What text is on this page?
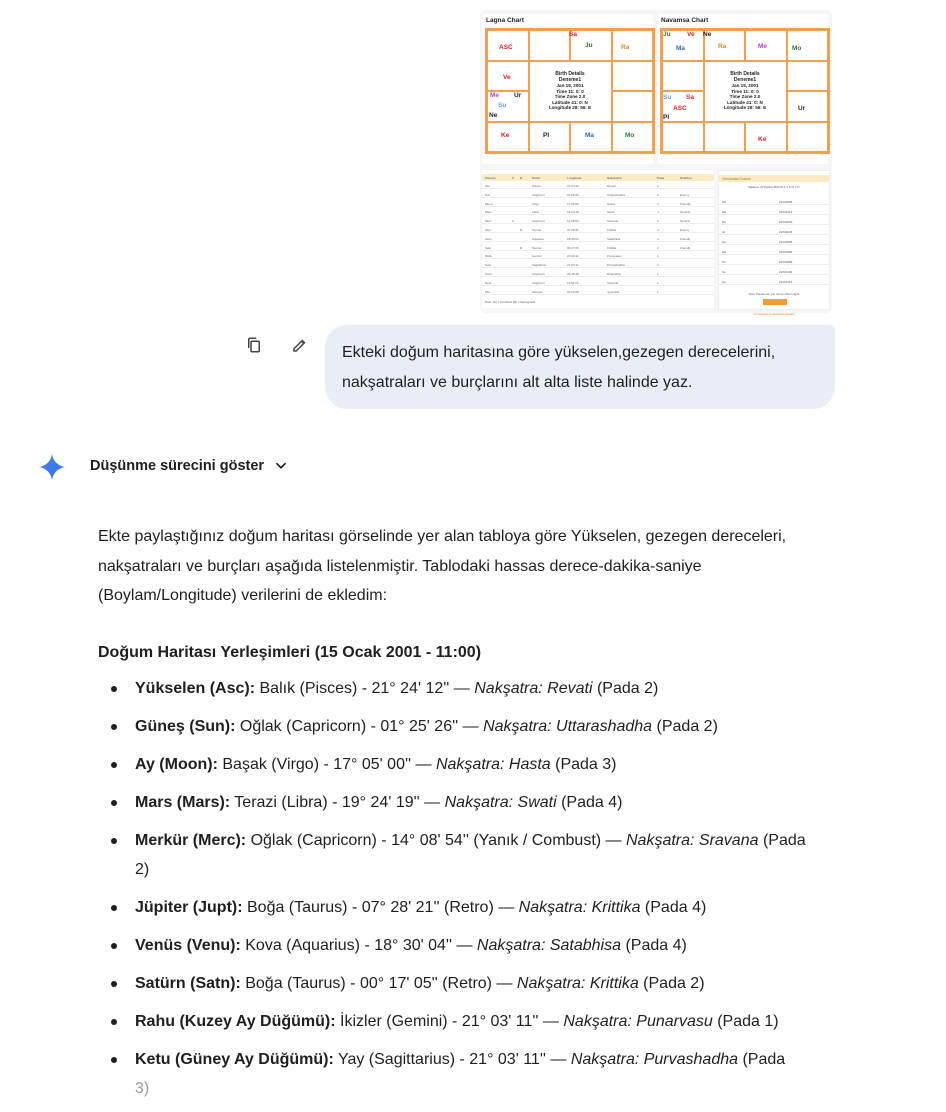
Lagna Chart
Birth Details
Deneme1
Jan 15, 2001
Time 11: 0: 0
Time Zone 2.0
Latitude 41: 0: N
Longitude 28: 56: E
ASC
Sa
Ju	Ra
Ve
Me Ur
Su
Ne
Ke	Pl	Ma	Mo
Navamsa Chart
Birth Details
Deneme1
Jan 15, 2001
Time 11: 0: 0
Time Zone 2.0
Latitude 41: 0: N
Longitude 28: 56: E
Ju	Ve Ne
Ma	Ra	Me	Mo
Su Sa
ASC
Pl
Ur
Ke
Planets	C R	Rashi	Longitude	Nakshatra	Pada	Relation
Asc	Pisces	21:24:12	Revati	2
Sun	Capricorn	01:25:26	Uttarashadha	2	Enemy
Moon	Virgo	17:05:00	Hasta	3	Friendly
Mars	Libra	19:24:19	Swati	4	Neutral
Merc	C	Capricorn	14:08:54	Sravana	2	Neutral
Jupt	R	Taurus	07:28:21	Krittika	4	Enemy
Venu	Aquarius	18:30:04	Satabhisa	4	Friendly
Satn	R	Taurus	00:17:05	Krittika	2	Friendly
Rahu	Gemini	21:03:11	Punarvasu	1
Ketu	Sagittarius	21:03:11	Purvashadha	3
Uran	Capricorn	23:46:48	Dhanishta	1
Nept	Capricorn	11:50:16	Sravana	1
Plut	Scorpio	20:16:05	Jyeshtha	1
Note: [C] = Combust [R] = Retrograde
Vimshottari Dasha
Balance Of Dasha MOON 4 Y 5 M 7 D
Mo	22/6/2005
Ma	22/6/2012
Ra	22/6/2030
Ju	22/6/2046
Sa	22/6/2065
Me	22/6/2082
Ke	22/6/2089
Ve	22/6/2109
Su	22/6/2115
Note: Please see you can to other Lagna
Vimshottari Antardasha Details

Ekteki doğum haritasına göre yükselen,gezegen derecelerini,

nakşatraları ve burçlarını alt alta liste halinde yaz.

Düşünme sürecini göster
Ekte paylaştığınız doğum haritası görselinde yer alan tabloya göre Yükselen, gezegen dereceleri, nakşatraları ve burçları aşağıda listelenmiştir. Tablodaki hassas derece-dakika-saniye (Boylam/Longitude) verilerini de ekledim:
Doğum Haritası Yerleşimleri (15 Ocak 2001 - 11:00)
Yükselen (Asc): Balık (Pisces) - 21° 24' 12'' — Nakşatra: Revati (Pada 2)
Güneş (Sun): Oğlak (Capricorn) - 01° 25' 26'' — Nakşatra: Uttarashadha (Pada 2)
Ay (Moon): Başak (Virgo) - 17° 05' 00'' — Nakşatra: Hasta (Pada 3)
Mars (Mars): Terazi (Libra) - 19° 24' 19'' — Nakşatra: Swati (Pada 4)
Merkür (Merc): Oğlak (Capricorn) - 14° 08' 54'' (Yanık / Combust) — Nakşatra: Sravana (Pada 2)
Jüpiter (Jupt): Boğa (Taurus) - 07° 28' 21'' (Retro) — Nakşatra: Krittika (Pada 4)
Venüs (Venu): Kova (Aquarius) - 18° 30' 04'' — Nakşatra: Satabhisa (Pada 4)
Satürn (Satn): Boğa (Taurus) - 00° 17' 05'' (Retro) — Nakşatra: Krittika (Pada 2)
Rahu (Kuzey Ay Düğümü): İkizler (Gemini) - 21° 03' 11'' — Nakşatra: Punarvasu (Pada 1)
Ketu (Güney Ay Düğümü): Yay (Sagittarius) - 21° 03' 11'' — Nakşatra: Purvashadha (Pada
3)
